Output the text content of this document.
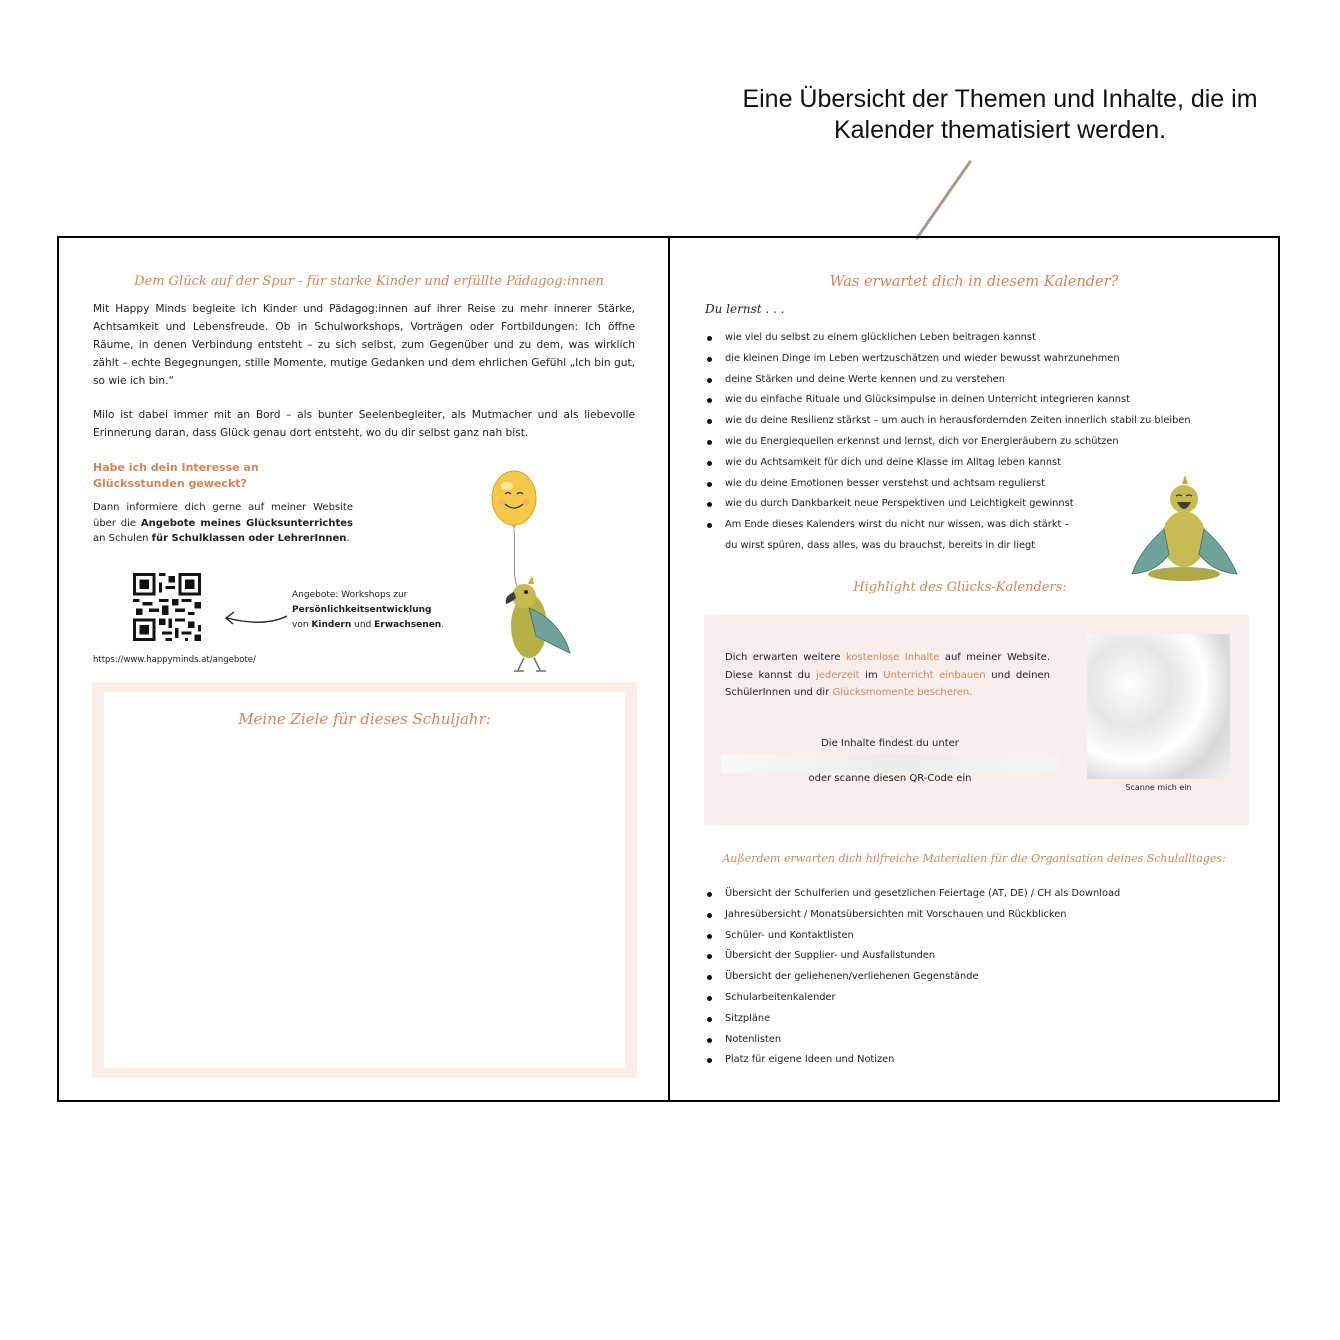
Eine Übersicht der Themen und Inhalte, die im Kalender thematisiert werden.
Dem Glück auf der Spur - für starke Kinder und erfüllte Pädagog:innen

Mit Happy Minds begleite ich Kinder und Pädagog:innen auf ihrer Reise zu mehr innerer Stärke, Achtsamkeit und Lebensfreude. Ob in Schulworkshops, Vorträgen oder Fortbildungen: Ich öffne Räume, in denen Verbindung entsteht – zu sich selbst, zum Gegenüber und zu dem, was wirklich zählt – echte Begegnungen, stille Momente, mutige Gedanken und dem ehrlichen Gefühl „Ich bin gut, so wie ich bin.“

Milo ist dabei immer mit an Bord – als bunter Seelenbegleiter, als Mutmacher und als liebevolle Erinnerung daran, dass Glück genau dort entsteht, wo du dir selbst ganz nah bist.

Habe ich dein Interesse an Glücksstunden geweckt?
Dann informiere dich gerne auf meiner Website über die Angebote meines Glücksunterrichtes an Schulen für Schulklassen oder LehrerInnen.
Angebote: Workshops zur
Persönlichkeitsentwicklung
von Kindern und Erwachsenen.
https://www.happyminds.at/angebote/
Meine Ziele für dieses Schuljahr:
Was erwartet dich in diesem Kalender?
Du lernst . . .
wie viel du selbst zu einem glücklichen Leben beitragen kannst
die kleinen Dinge im Leben wertzuschätzen und wieder bewusst wahrzunehmen
deine Stärken und deine Werte kennen und zu verstehen
wie du einfache Rituale und Glücksimpulse in deinen Unterricht integrieren kannst
wie du deine Resilienz stärkst – um auch in herausfordernden Zeiten innerlich stabil zu bleiben
wie du Energiequellen erkennst und lernst, dich vor Energieräubern zu schützen
wie du Achtsamkeit für dich und deine Klasse im Alltag leben kannst
wie du deine Emotionen besser verstehst und achtsam regulierst
wie du durch Dankbarkeit neue Perspektiven und Leichtigkeit gewinnst
Am Ende dieses Kalenders wirst du nicht nur wissen, was dich stärkt –
du wirst spüren, dass alles, was du brauchst, bereits in dir liegt
Highlight des Glücks-Kalenders:
Dich erwarten weitere kostenlose Inhalte auf meiner Website. Diese kannst du jederzeit im Unterricht einbauen und deinen SchülerInnen und dir Glücksmomente bescheren.
Die Inhalte findest du unter
oder scanne diesen QR-Code ein
Scanne mich ein
Außerdem erwarten dich hilfreiche Materialien für die Organisation deines Schulalltages:
Übersicht der Schulferien und gesetzlichen Feiertage (AT, DE) / CH als Download
Jahresübersicht / Monatsübersichten mit Vorschauen und Rückblicken
Schüler- und Kontaktlisten
Übersicht der Supplier- und Ausfallstunden
Übersicht der geliehenen/verliehenen Gegenstände
Schularbeitenkalender
Sitzpläne
Notenlisten
Platz für eigene Ideen und Notizen
